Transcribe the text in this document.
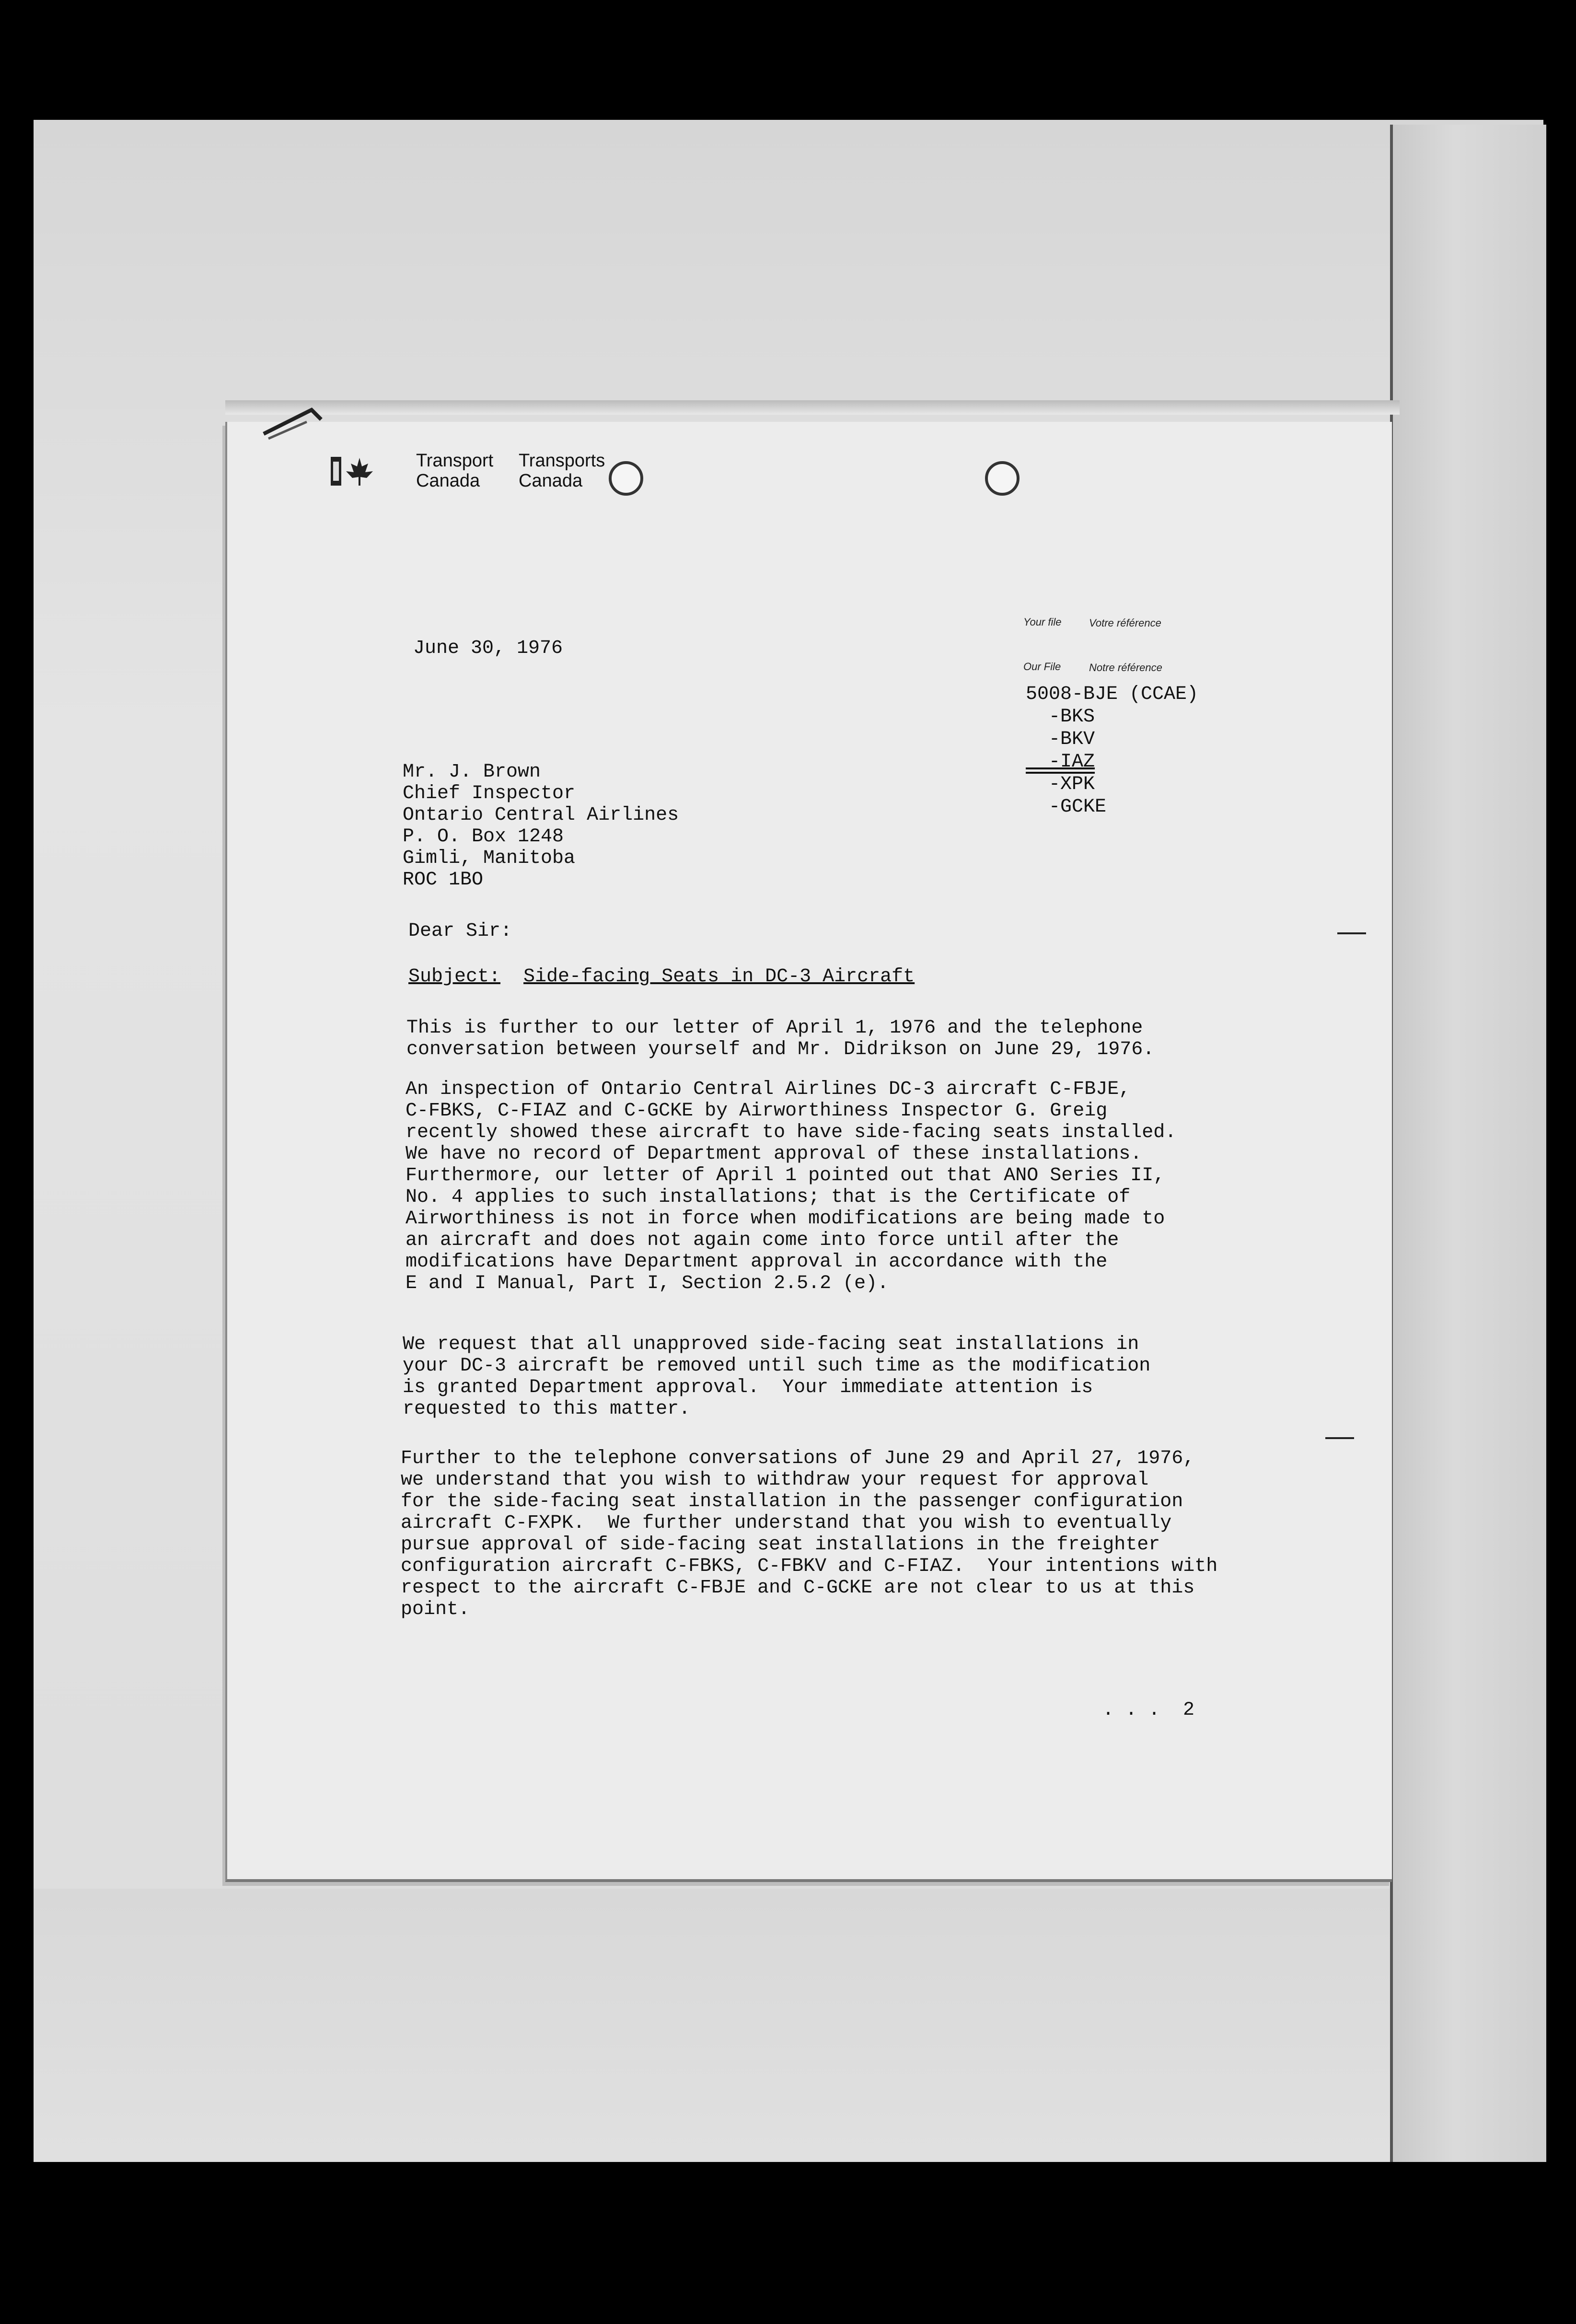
Transport
Canada
Transports
Canada
Your file	Votre référence
Our File	Notre référence
June 30, 1976
5008-BJE (CCAE)
-BKS
-BKV
-IAZ
-XPK
-GCKE
Mr. J. Brown
Chief Inspector
Ontario Central Airlines
P. O. Box 1248
Gimli, Manitoba
ROC 1BO
Dear Sir:
Subject: Side-facing Seats in DC-3 Aircraft
This is further to our letter of April 1, 1976 and the telephone
conversation between yourself and Mr. Didrikson on June 29, 1976.
An inspection of Ontario Central Airlines DC-3 aircraft C-FBJE,
C-FBKS, C-FIAZ and C-GCKE by Airworthiness Inspector G. Greig
recently showed these aircraft to have side-facing seats installed.
We have no record of Department approval of these installations.
Furthermore, our letter of April 1 pointed out that ANO Series II,
No. 4 applies to such installations; that is the Certificate of
Airworthiness is not in force when modifications are being made to
an aircraft and does not again come into force until after the
modifications have Department approval in accordance with the
E and I Manual, Part I, Section 2.5.2 (e).
We request that all unapproved side-facing seat installations in
your DC-3 aircraft be removed until such time as the modification
is granted Department approval.  Your immediate attention is
requested to this matter.
Further to the telephone conversations of June 29 and April 27, 1976,
we understand that you wish to withdraw your request for approval
for the side-facing seat installation in the passenger configuration
aircraft C-FXPK.  We further understand that you wish to eventually
pursue approval of side-facing seat installations in the freighter
configuration aircraft C-FBKS, C-FBKV and C-FIAZ.  Your intentions with
respect to the aircraft C-FBJE and C-GCKE are not clear to us at this
point.
. . .  2
